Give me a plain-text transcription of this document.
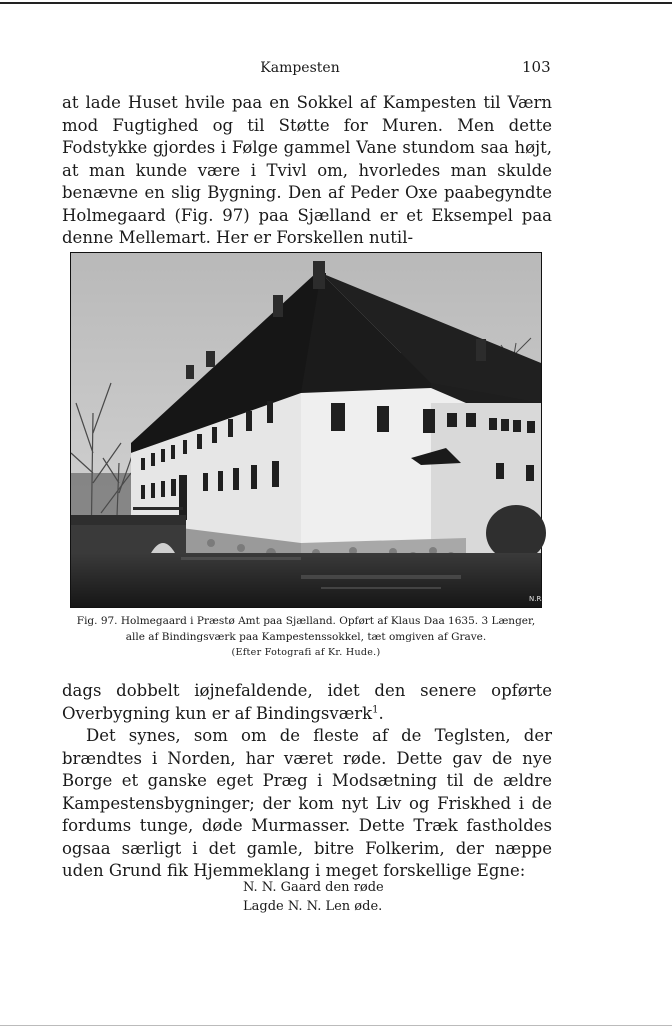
Kampesten	103

at lade Huset hvile paa en Sokkel af Kampesten til Værn mod Fugtighed og til Støtte for Muren. Men dette Fodstykke gjordes i Følge gammel Vane stundom saa højt, at man kunde være i Tvivl om, hvorledes man skulde benævne en slig Bygning. Den af Peder Oxe paabegyndte Holmegaard (Fig. 97) paa Sjælland er et Eksempel paa denne Mellemart. Her er Forskellen nutil-

N.R.
Fig. 97. Holmegaard i Præstø Amt paa Sjælland. Opført af Klaus Daa 1635. 3 Længer, alle af Bindingsværk paa Kampestenssokkel, tæt omgiven af Grave.
(Efter Fotografi af Kr. Hude.)

dags dobbelt iøjnefaldende, idet den senere opførte Overbygning kun er af Bindingsværk$^1$.

Det synes, som om de fleste af de Teglsten, der brændtes i Norden, har været røde. Dette gav de nye Borge et ganske eget Præg i Modsætning til de ældre Kampestensbygninger; der kom nyt Liv og Friskhed i de fordums tunge, døde Murmasser. Dette Træk fastholdes ogsaa særligt i det gamle, bitre Folkerim, der næppe uden Grund fik Hjemmeklang i meget forskellige Egne:

N. N. Gaard den røde
Lagde N. N. Len øde.
